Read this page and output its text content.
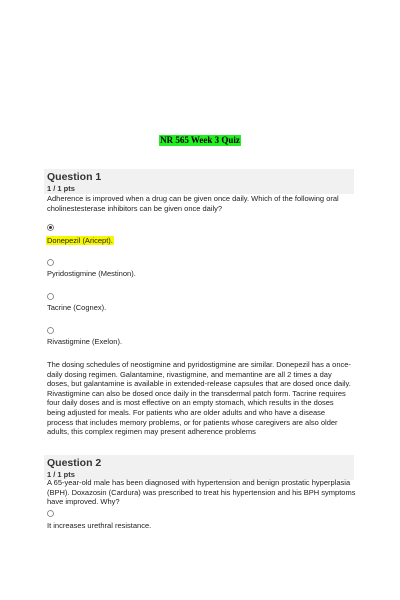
NR 565 Week 3 Quiz
Question 1
1 / 1 pts
Adherence is improved when a drug can be given once daily. Which of the following oral cholinestesterase inhibitors can be given once daily?
Donepezil (Aricept).
Pyridostigmine (Mestinon).
Tacrine (Cognex).
Rivastigmine (Exelon).
The dosing schedules of neostigmine and pyridostigmine are similar. Donepezil has a once-daily dosing regimen. Galantamine, rivastigmine, and memantine are all 2 times a day doses, but galantamine is available in extended-release capsules that are dosed once daily. Rivastigmine can also be dosed once daily in the transdermal patch form. Tacrine requires four daily doses and is most effective on an empty stomach, which results in the doses being adjusted for meals. For patients who are older adults and who have a disease process that includes memory problems, or for patients whose caregivers are also older adults, this complex regimen may present adherence problems
Question 2
1 / 1 pts
A 65-year-old male has been diagnosed with hypertension and benign prostatic hyperplasia (BPH). Doxazosin (Cardura) was prescribed to treat his hypertension and his BPH symptoms have improved. Why?
It increases urethral resistance.
